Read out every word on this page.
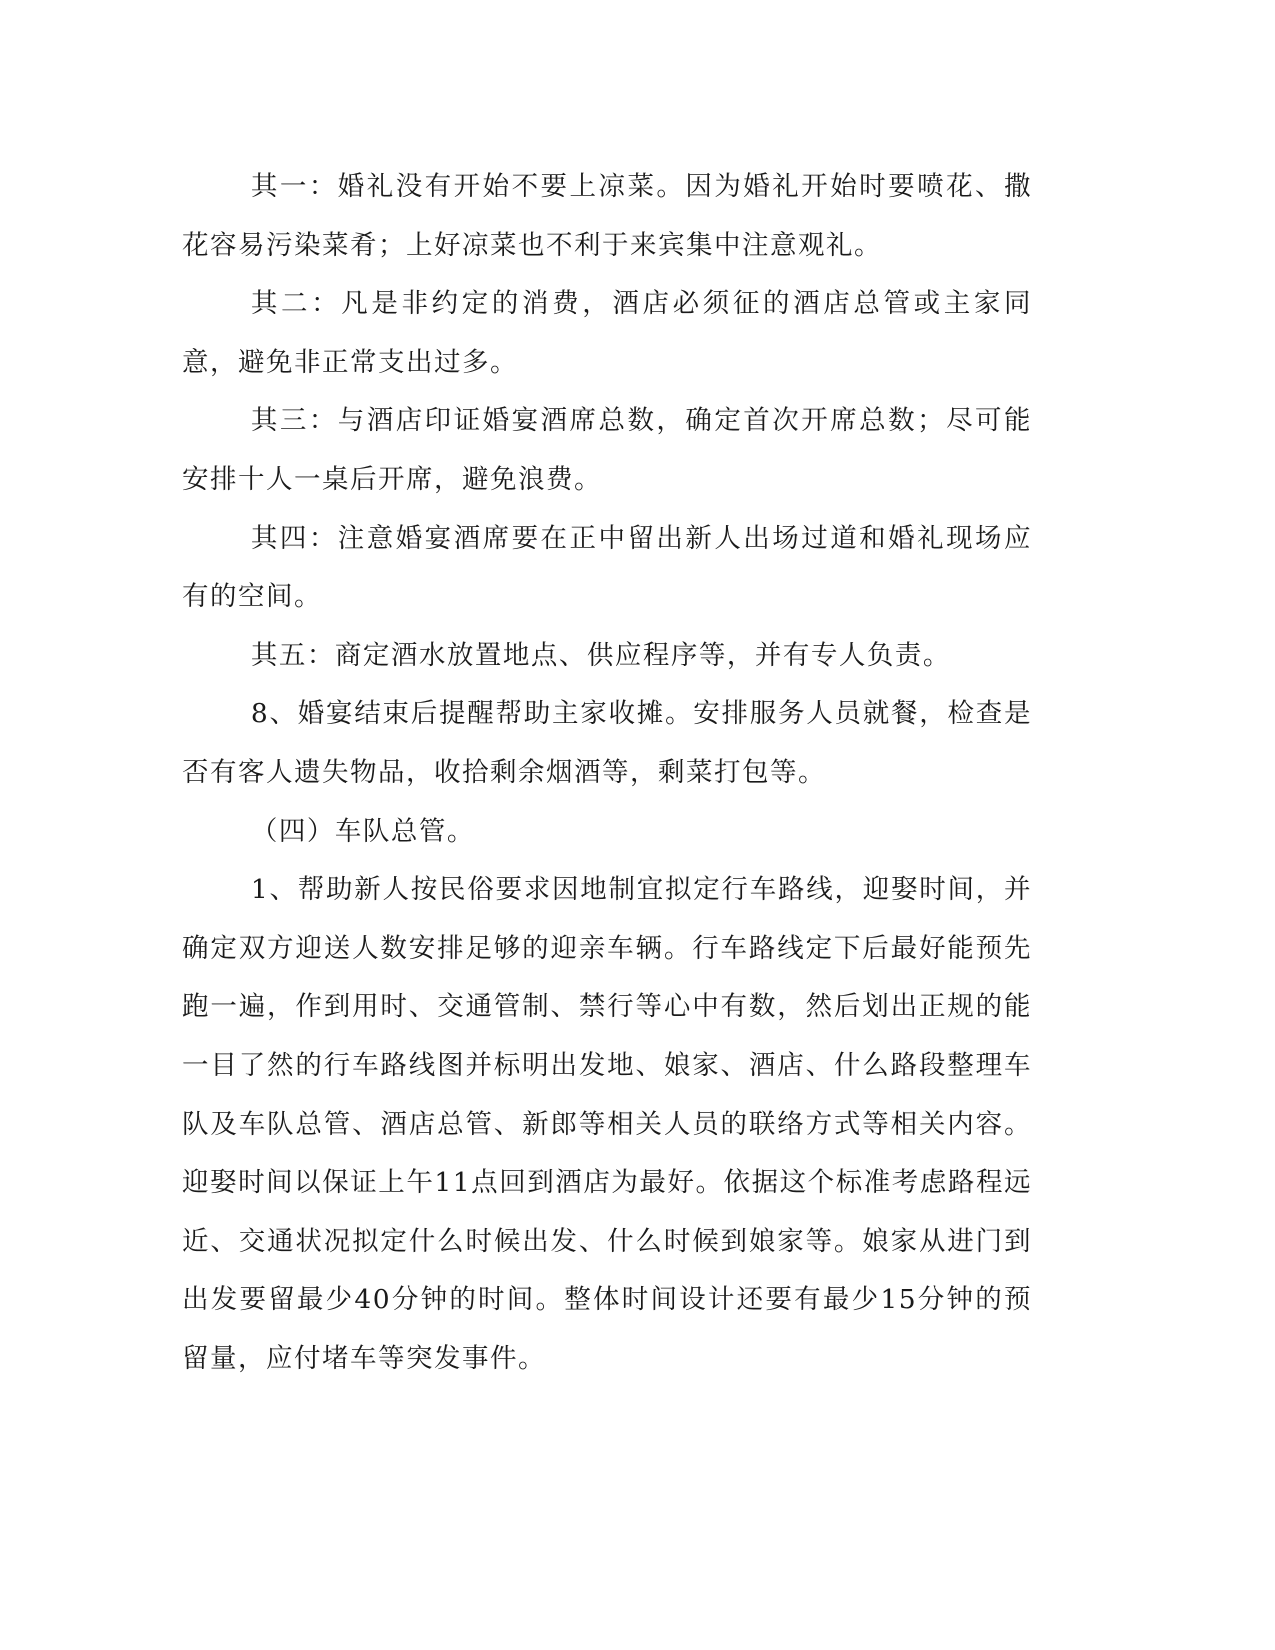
其一：婚礼没有开始不要上凉菜。因为婚礼开始时要喷花、撒花容易污染菜肴；上好凉菜也不利于来宾集中注意观礼。

其二：凡是非约定的消费，酒店必须征的酒店总管或主家同意，避免非正常支出过多。

其三：与酒店印证婚宴酒席总数，确定首次开席总数；尽可能安排十人一桌后开席，避免浪费。

其四：注意婚宴酒席要在正中留出新人出场过道和婚礼现场应有的空间。

其五：商定酒水放置地点、供应程序等，并有专人负责。

8、婚宴结束后提醒帮助主家收摊。安排服务人员就餐，检查是否有客人遗失物品，收拾剩余烟酒等，剩菜打包等。

（四）车队总管。

1、帮助新人按民俗要求因地制宜拟定行车路线，迎娶时间，并确定双方迎送人数安排足够的迎亲车辆。行车路线定下后最好能预先跑一遍，作到用时、交通管制、禁行等心中有数，然后划出正规的能一目了然的行车路线图并标明出发地、娘家、酒店、什么路段整理车队及车队总管、酒店总管、新郎等相关人员的联络方式等相关内容。迎娶时间以保证上午11点回到酒店为最好。依据这个标准考虑路程远近、交通状况拟定什么时候出发、什么时候到娘家等。娘家从进门到出发要留最少40分钟的时间。整体时间设计还要有最少15分钟的预留量，应付堵车等突发事件。
